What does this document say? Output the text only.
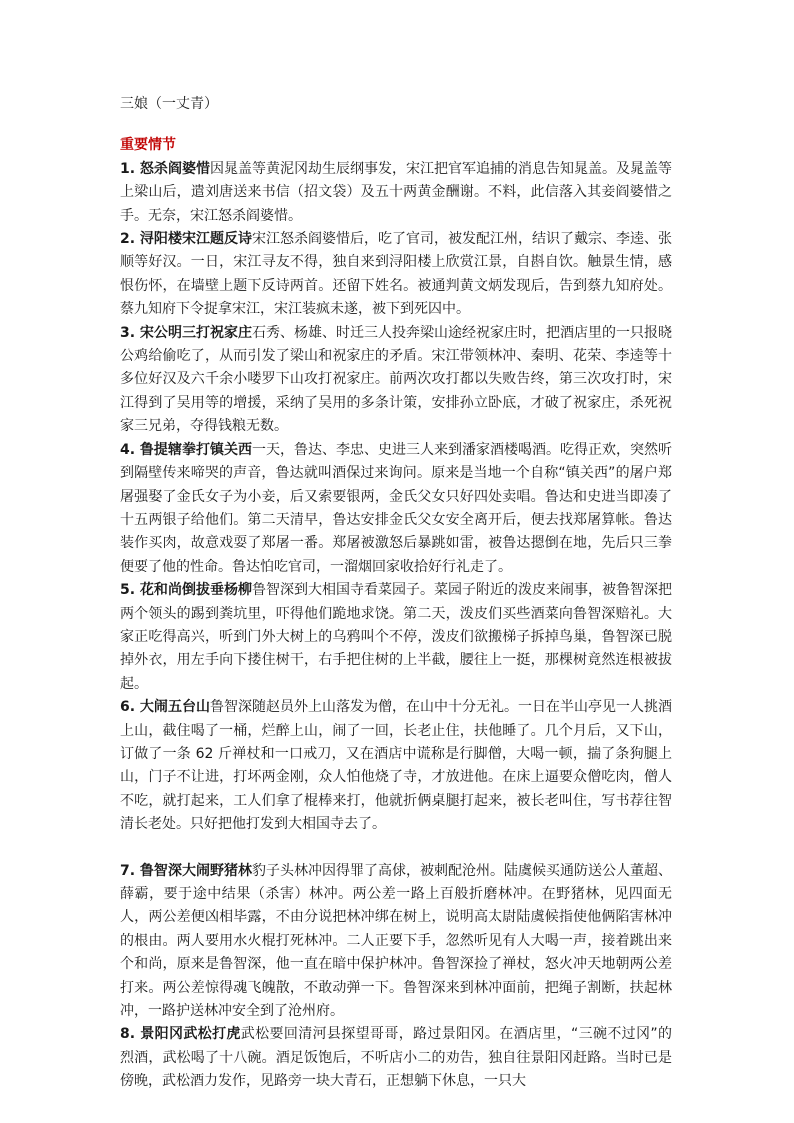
三娘（一丈青）

重要情节

1. 怒杀阎婆惜因晁盖等黄泥冈劫生辰纲事发，宋江把官军追捕的消息告知晁盖。及晁盖等上梁山后，遣刘唐送来书信（招文袋）及五十两黄金酬谢。不料，此信落入其妾阎婆惜之手。无奈，宋江怒杀阎婆惜。

2. 浔阳楼宋江题反诗宋江怒杀阎婆惜后，吃了官司，被发配江州，结识了戴宗、李逵、张顺等好汉。一日，宋江寻友不得，独自来到浔阳楼上欣赏江景，自斟自饮。触景生情，感恨伤怀，在墙壁上题下反诗两首。还留下姓名。被通判黄文炳发现后，告到蔡九知府处。蔡九知府下令捉拿宋江，宋江装疯未遂，被下到死囚中。

3. 宋公明三打祝家庄石秀、杨雄、时迁三人投奔梁山途经祝家庄时，把酒店里的一只报晓公鸡给偷吃了，从而引发了梁山和祝家庄的矛盾。宋江带领林冲、秦明、花荣、李逵等十多位好汉及六千余小喽罗下山攻打祝家庄。前两次攻打都以失败告终，第三次攻打时，宋江得到了吴用等的增援，采纳了吴用的多条计策，安排孙立卧底，才破了祝家庄，杀死祝家三兄弟，夺得钱粮无数。

4. 鲁提辖拳打镇关西一天，鲁达、李忠、史进三人来到潘家酒楼喝酒。吃得正欢，突然听到隔壁传来啼哭的声音，鲁达就叫酒保过来询问。原来是当地一个自称“镇关西”的屠户郑屠强娶了金氏女子为小妾，后又索要银两，金氏父女只好四处卖唱。鲁达和史进当即凑了十五两银子给他们。第二天清早，鲁达安排金氏父女安全离开后，便去找郑屠算帐。鲁达装作买肉，故意戏耍了郑屠一番。郑屠被激怒后暴跳如雷，被鲁达摁倒在地，先后只三拳便要了他的性命。鲁达怕吃官司，一溜烟回家收拾好行礼走了。

5. 花和尚倒拔垂杨柳鲁智深到大相国寺看菜园子。菜园子附近的泼皮来闹事，被鲁智深把两个领头的踢到粪坑里，吓得他们跪地求饶。第二天，泼皮们买些酒菜向鲁智深赔礼。大家正吃得高兴，听到门外大树上的乌鸦叫个不停，泼皮们欲搬梯子拆掉鸟巢，鲁智深已脱掉外衣，用左手向下搂住树干，右手把住树的上半截，腰往上一挺，那棵树竟然连根被拔起。

6. 大闹五台山鲁智深随赵员外上山落发为僧，在山中十分无礼。一日在半山亭见一人挑酒上山，截住喝了一桶，烂醉上山，闹了一回，长老止住，扶他睡了。几个月后，又下山，订做了一条 62 斤禅杖和一口戒刀，又在酒店中谎称是行脚僧，大喝一顿，揣了条狗腿上山，门子不让进，打坏两金刚，众人怕他烧了寺，才放进他。在床上逼要众僧吃肉，僧人不吃，就打起来，工人们拿了棍棒来打，他就折俩桌腿打起来，被长老叫住，写书荐往智清长老处。只好把他打发到大相国寺去了。

7. 鲁智深大闹野猪林豹子头林冲因得罪了高俅，被刺配沧州。陆虞候买通防送公人董超、薛霸，要于途中结果（杀害）林冲。两公差一路上百般折磨林冲。在野猪林，见四面无人，两公差便凶相毕露，不由分说把林冲绑在树上，说明高太尉陆虞候指使他俩陷害林冲的根由。两人要用水火棍打死林冲。二人正要下手，忽然听见有人大喝一声，接着跳出来个和尚，原来是鲁智深，他一直在暗中保护林冲。鲁智深捡了禅杖，怒火冲天地朝两公差打来。两公差惊得魂飞魄散，不敢动弹一下。鲁智深来到林冲面前，把绳子割断，扶起林冲，一路护送林冲安全到了沧州府。

8. 景阳冈武松打虎武松要回清河县探望哥哥，路过景阳冈。在酒店里，“三碗不过冈”的烈酒，武松喝了十八碗。酒足饭饱后，不听店小二的劝告，独自往景阳冈赶路。当时已是傍晚，武松酒力发作，见路旁一块大青石，正想躺下休息，一只大
